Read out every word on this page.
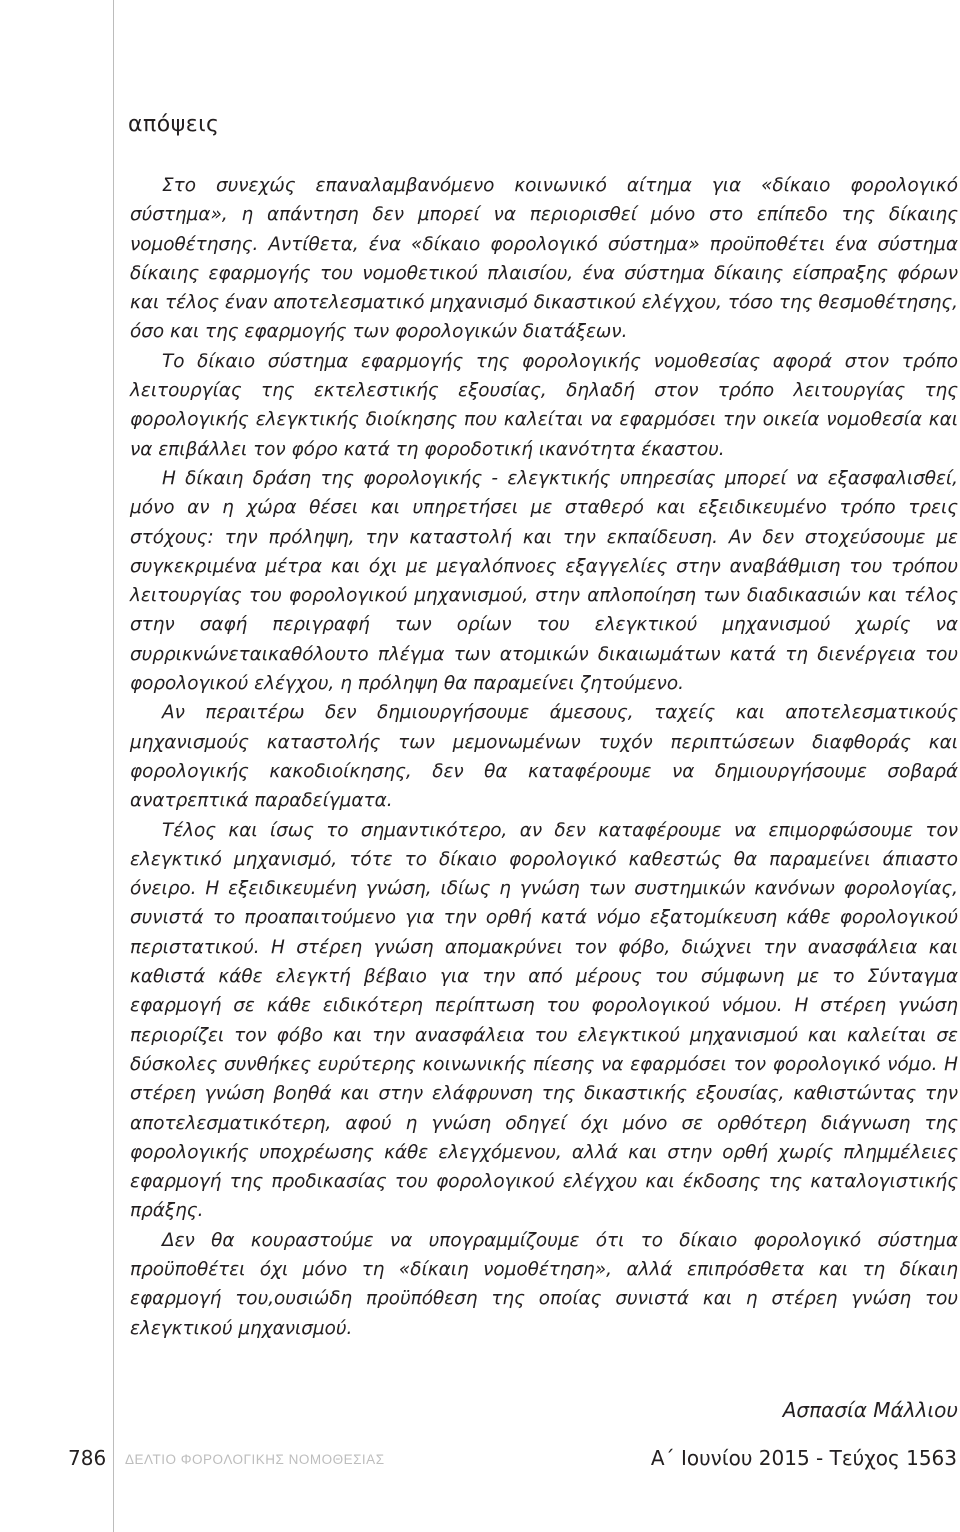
απόψεις

Στο συνεχώς επαναλαμβανόμενο κοινωνικό αίτημα για «δίκαιο φορολογικό σύστημα», η απάντηση δεν μπορεί να περιορισθεί μόνο στο επίπεδο της δίκαιης νομοθέτησης. Αντίθετα, ένα «δίκαιο φορολογικό σύστημα» προϋποθέτει ένα σύστημα δίκαιης εφαρμογής του νομοθετικού πλαισίου, ένα σύστημα δίκαιης είσπραξης φόρων και τέλος έναν αποτελεσματικό μηχανισμό δικαστικού ελέγχου, τόσο της θεσμοθέτησης, όσο και της εφαρμογής των φορολογικών διατάξεων.

Το δίκαιο σύστημα εφαρμογής της φορολογικής νομοθεσίας αφορά στον τρόπο λειτουργίας της εκτελεστικής εξουσίας, δηλαδή στον τρόπο λειτουργίας της φορολογικής ελεγκτικής διοίκησης που καλείται να εφαρμόσει την οικεία νομοθεσία και να επιβάλλει τον φόρο κατά τη φοροδοτική ικανότητα έκαστου.

Η δίκαιη δράση της φορολογικής - ελεγκτικής υπηρεσίας μπορεί να εξασφαλισθεί, μόνο αν η χώρα θέσει και υπηρετήσει με σταθερό και εξειδικευμένο τρόπο τρεις στόχους: την πρόληψη, την καταστολή και την εκπαίδευση. Αν δεν στοχεύσουμε με συγκεκριμένα μέτρα και όχι με μεγαλόπνοες εξαγγελίες στην αναβάθμιση του τρόπου λειτουργίας του φορολογικού μηχανισμού, στην απλοποίηση των διαδικασιών και τέλος στην σαφή περιγραφή των ορίων του ελεγκτικού μηχανισμού χωρίς να συρρικνώνεταικαθόλουτο πλέγμα των ατομικών δικαιωμάτων κατά τη διενέργεια του φορολογικού ελέγχου, η πρόληψη θα παραμείνει ζητούμενο.

Αν περαιτέρω δεν δημιουργήσουμε άμεσους, ταχείς και αποτελεσματικούς μηχανισμούς καταστολής των μεμονωμένων τυχόν περιπτώσεων διαφθοράς και φορολογικής κακοδιοίκησης, δεν θα καταφέρουμε να δημιουργήσουμε σοβαρά ανατρεπτικά παραδείγματα.

Τέλος και ίσως το σημαντικότερο, αν δεν καταφέρουμε να επιμορφώσουμε τον ελεγκτικό μηχανισμό, τότε το δίκαιο φορολογικό καθεστώς θα παραμείνει άπιαστο όνειρο. Η εξειδικευμένη γνώση, ιδίως η γνώση των συστημικών κανόνων φορολογίας, συνιστά το προαπαιτούμενο για την ορθή κατά νόμο εξατομίκευση κάθε φορολογικού περιστατικού. Η στέρεη γνώση απομακρύνει τον φόβο, διώχνει την ανασφάλεια και καθιστά κάθε ελεγκτή βέβαιο για την από μέρους του σύμφωνη με το Σύνταγμα εφαρμογή σε κάθε ειδικότερη περίπτωση του φορολογικού νόμου. Η στέρεη γνώση περιορίζει τον φόβο και την ανασφάλεια του ελεγκτικού μηχανισμού και καλείται σε δύσκολες συνθήκες ευρύτερης κοινωνικής πίεσης να εφαρμόσει τον φορολογικό νόμο. Η στέρεη γνώση βοηθά και στην ελάφρυνση της δικαστικής εξουσίας, καθιστώντας την αποτελεσματικότερη, αφού η γνώση οδηγεί όχι μόνο σε ορθότερη διάγνωση της φορολογικής υποχρέωσης κάθε ελεγχόμενου, αλλά και στην ορθή χωρίς πλημμέλειες εφαρμογή της προδικασίας του φορολογικού ελέγχου και έκδοσης της καταλογιστικής πράξης.

Δεν θα κουραστούμε να υπογραμμίζουμε ότι το δίκαιο φορολογικό σύστημα προϋποθέτει όχι μόνο τη «δίκαιη νομοθέτηση», αλλά επιπρόσθετα και τη δίκαιη εφαρμογή του,ουσιώδη προϋπόθεση της οποίας συνιστά και η στέρεη γνώση του ελεγκτικού μηχανισμού.

Ασπασία Μάλλιου
786 ΔΕΛΤΙΟ ΦΟΡΟΛΟΓΙΚΗΣ ΝΟΜΟΘΕΣΙΑΣ	Α΄ Ιουνίου 2015 - Τεύχος 1563
